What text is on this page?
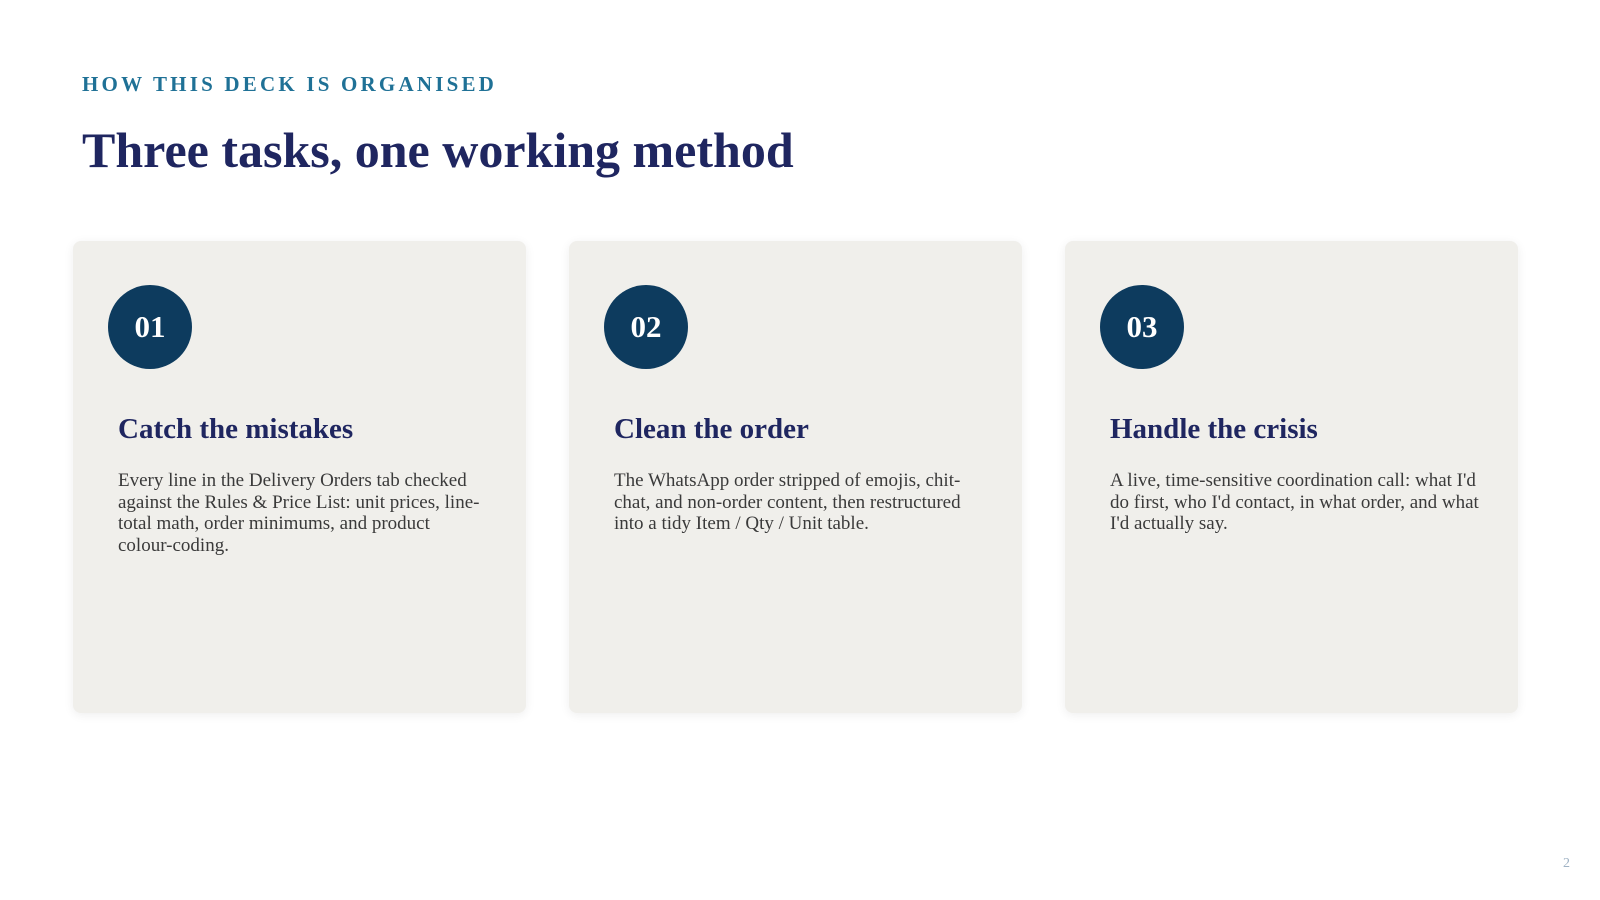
HOW THIS DECK IS ORGANISED

Three tasks, one working method
01
Catch the mistakes

Every line in the Delivery Orders tab checked against the Rules & Price List: unit prices, line-total math, order minimums, and product colour-coding.

02
Clean the order

The WhatsApp order stripped of emojis, chit-chat, and non-order content, then restructured into a tidy Item / Qty / Unit table.

03
Handle the crisis

A live, time-sensitive coordination call: what I'd do first, who I'd contact, in what order, and what I'd actually say.

2
